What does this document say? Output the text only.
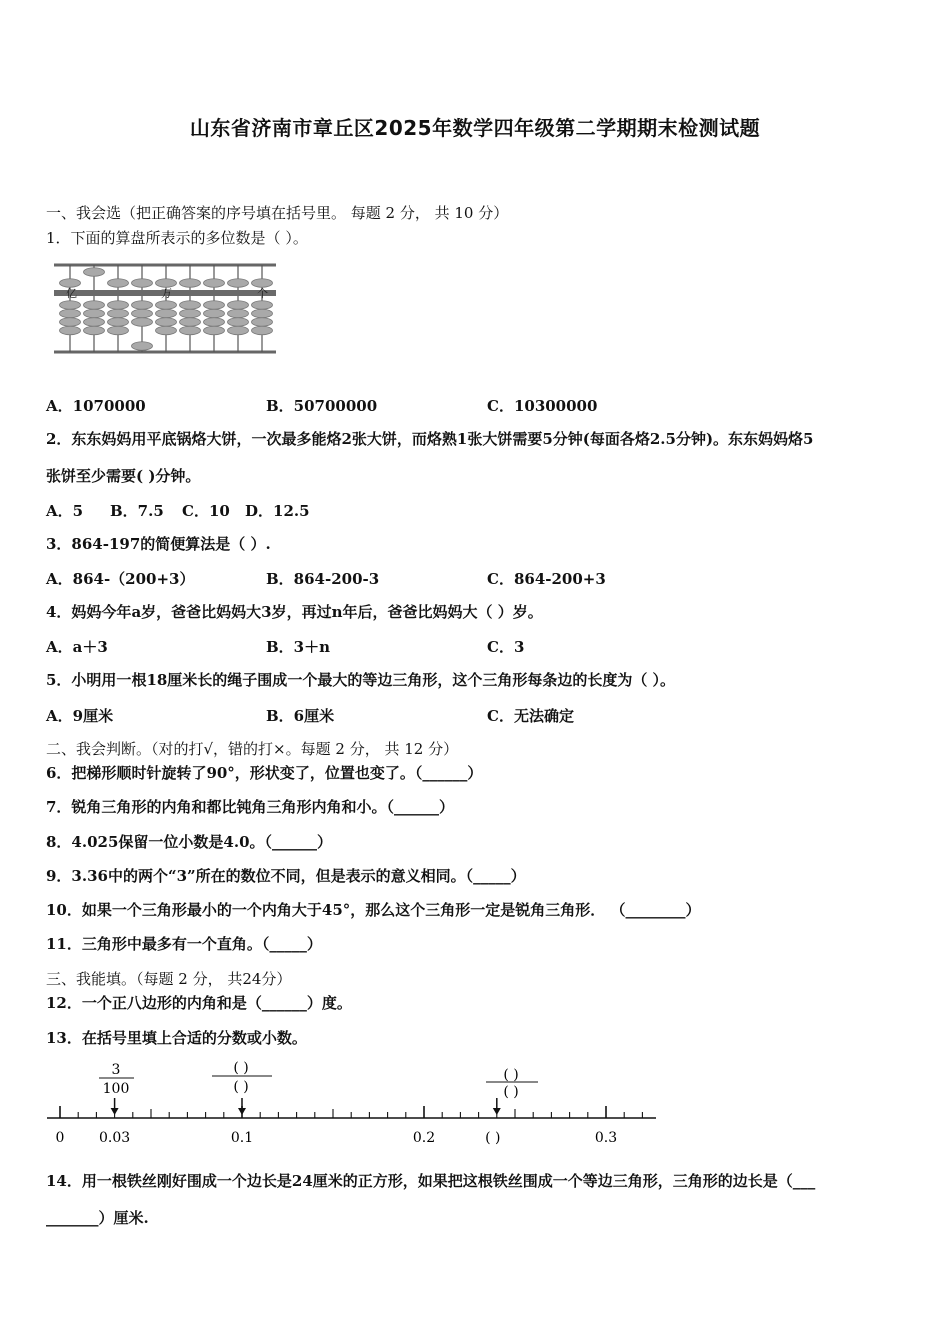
山东省济南市章丘区2025年数学四年级第二学期期末检测试题
一、我会选（把正确答案的序号填在括号里。 每题 2 分， 共 10 分）
1．下面的算盘所表示的多位数是（ ）。
亿	万	个
A．1070000	B．50700000	C．10300000
2．东东妈妈用平底锅烙大饼，一次最多能烙2张大饼，而烙熟1张大饼需要5分钟(每面各烙2.5分钟)。东东妈妈烙5
张饼至少需要( )分钟。
A．5 B．7.5 C．10 D．12.5
3．864-197的简便算法是（ ）.
A．864-（200+3）	B．864-200-3	C．864-200+3
4．妈妈今年a岁，爸爸比妈妈大3岁，再过n年后，爸爸比妈妈大（ ）岁。
A．a＋3	B．3＋n	C．3
5．小明用一根18厘米长的绳子围成一个最大的等边三角形，这个三角形每条边的长度为（ ）。
A．9厘米	B．6厘米	C．无法确定
二、我会判断。（对的打√，错的打×。每题 2 分， 共 12 分）
6．把梯形顺时针旋转了90°，形状变了，位置也变了。（______）
7．锐角三角形的内角和都比钝角三角形内角和小。（______）
8．4.025保留一位小数是4.0。（______）
9．3.36中的两个“3”所在的数位不同，但是表示的意义相同。（_____）
10．如果一个三角形最小的一个内角大于45°，那么这个三角形一定是锐角三角形． （________）
11．三角形中最多有一个直角。（_____）
三、我能填。（每题 2 分， 共24分）
12．一个正八边形的内角和是（______）度。
13．在括号里填上合适的分数或小数。
3
100
( )
( )
( )
( )
0 0.03	0.1	0.2	0.3
( )
14．用一根铁丝刚好围成一个边长是24厘米的正方形，如果把这根铁丝围成一个等边三角形，三角形的边长是（___
_______）厘米.
